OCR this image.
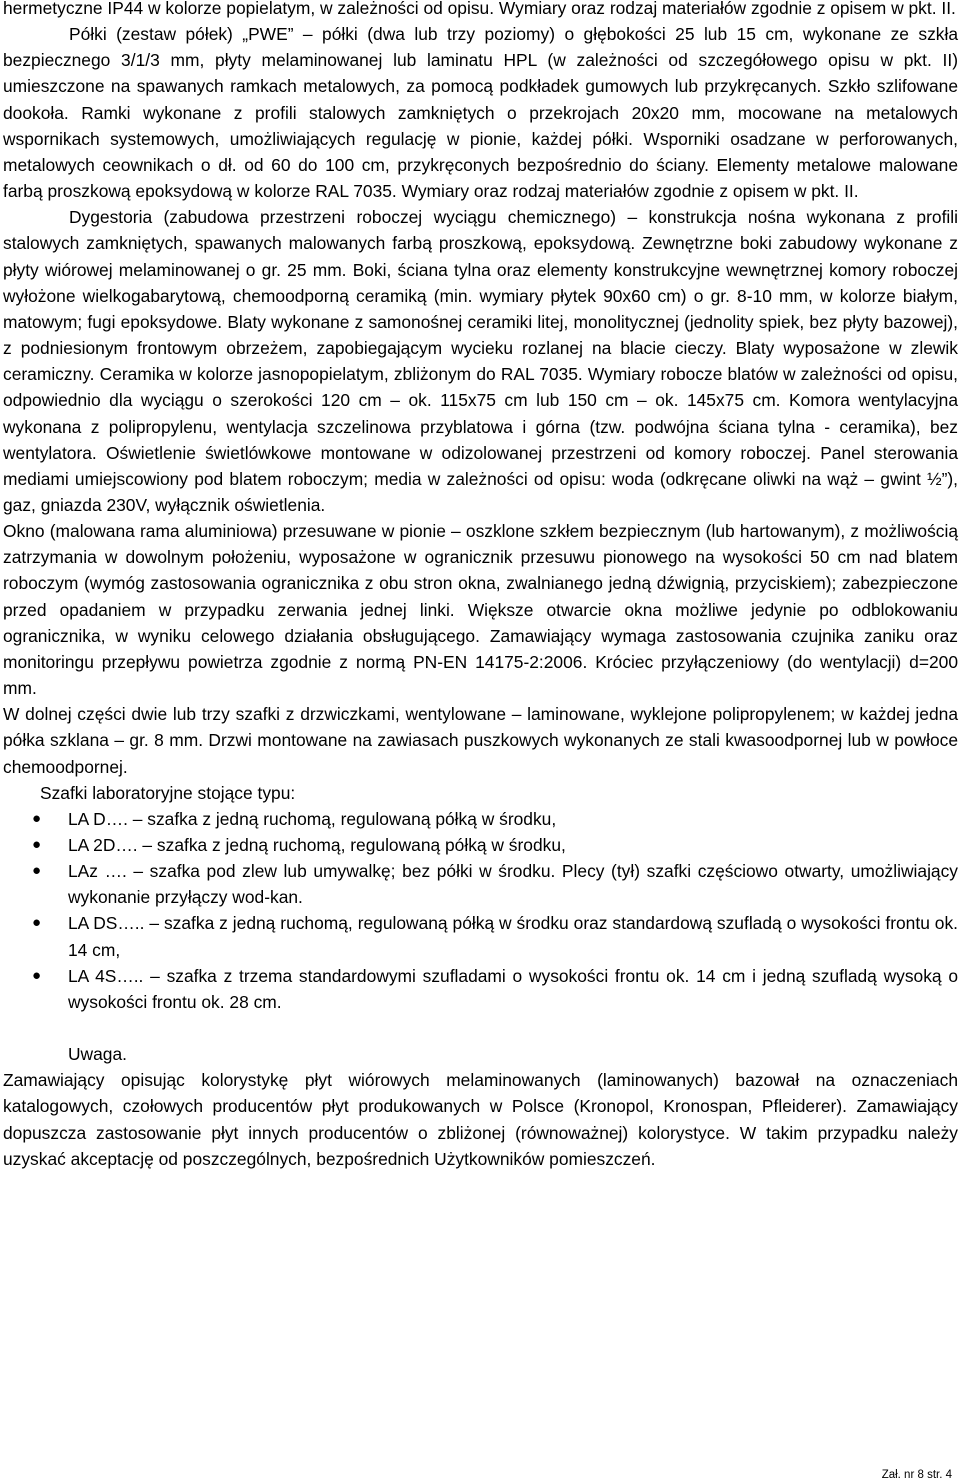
hermetyczne IP44 w kolorze popielatym, w zależności od opisu. Wymiary oraz rodzaj materiałów zgodnie z opisem w pkt. II.

Półki (zestaw półek) „PWE” – półki (dwa lub trzy poziomy) o głębokości 25 lub 15 cm, wykonane ze szkła bezpiecznego 3/1/3 mm, płyty melaminowanej lub laminatu HPL (w zależności od szczegółowego opisu w pkt. II) umieszczone na spawanych ramkach metalowych, za pomocą podkładek gumowych lub przykręcanych. Szkło szlifowane dookoła. Ramki wykonane z profili stalowych zamkniętych o przekrojach 20x20 mm, mocowane na metalowych wspornikach systemowych, umożliwiających regulację w pionie, każdej półki. Wsporniki osadzane w perforowanych, metalowych ceownikach o dł. od 60 do 100 cm, przykręconych bezpośrednio do ściany. Elementy metalowe malowane farbą proszkową epoksydową w kolorze RAL 7035. Wymiary oraz rodzaj materiałów zgodnie z opisem w pkt. II.

Dygestoria (zabudowa przestrzeni roboczej wyciągu chemicznego) – konstrukcja nośna wykonana z profili stalowych zamkniętych, spawanych malowanych farbą proszkową, epoksydową. Zewnętrzne boki zabudowy wykonane z płyty wiórowej melaminowanej o gr. 25 mm. Boki, ściana tylna oraz elementy konstrukcyjne wewnętrznej komory roboczej wyłożone wielkogabarytową, chemoodporną ceramiką (min. wymiary płytek 90x60 cm) o gr. 8-10 mm, w kolorze białym, matowym; fugi epoksydowe. Blaty wykonane z samonośnej ceramiki litej, monolitycznej (jednolity spiek, bez płyty bazowej), z podniesionym frontowym obrzeżem, zapobiegającym wycieku rozlanej na blacie cieczy. Blaty wyposażone w zlewik ceramiczny. Ceramika w kolorze jasnopopielatym, zbliżonym do RAL 7035. Wymiary robocze blatów w zależności od opisu, odpowiednio dla wyciągu o szerokości 120 cm – ok. 115x75 cm lub 150 cm – ok. 145x75 cm. Komora wentylacyjna wykonana z polipropylenu, wentylacja szczelinowa przyblatowa i górna (tzw. podwójna ściana tylna - ceramika), bez wentylatora. Oświetlenie świetlówkowe montowane w odizolowanej przestrzeni od komory roboczej. Panel sterowania mediami umiejscowiony pod blatem roboczym; media w zależności od opisu: woda (odkręcane oliwki na wąż – gwint ½”), gaz, gniazda 230V, wyłącznik oświetlenia.

Okno (malowana rama aluminiowa) przesuwane w pionie – oszklone szkłem bezpiecznym (lub hartowanym), z możliwością zatrzymania w dowolnym położeniu, wyposażone w ogranicznik przesuwu pionowego na wysokości 50 cm nad blatem roboczym (wymóg zastosowania ogranicznika z obu stron okna, zwalnianego jedną dźwignią, przyciskiem); zabezpieczone przed opadaniem w przypadku zerwania jednej linki. Większe otwarcie okna możliwe jedynie po odblokowaniu ogranicznika, w wyniku celowego działania obsługującego. Zamawiający wymaga zastosowania czujnika zaniku oraz monitoringu przepływu powietrza zgodnie z normą PN-EN 14175-2:2006. Króciec przyłączeniowy (do wentylacji) d=200 mm.

W dolnej części dwie lub trzy szafki z drzwiczkami, wentylowane – laminowane, wyklejone polipropylenem; w każdej jedna półka szklana – gr. 8 mm. Drzwi montowane na zawiasach puszkowych wykonanych ze stali kwasoodpornej lub w powłoce chemoodpornej.

Szafki laboratoryjne stojące typu:

● LA D…. – szafka z jedną ruchomą, regulowaną półką w środku,
● LA 2D…. – szafka z jedną ruchomą, regulowaną półką w środku,
● LAz …. – szafka pod zlew lub umywalkę; bez półki w środku. Plecy (tył) szafki częściowo otwarty, umożliwiający wykonanie przyłączy wod-kan.
● LA DS….. – szafka z jedną ruchomą, regulowaną półką w środku oraz standardową szufladą o wysokości frontu ok. 14 cm,
● LA 4S….. – szafka z trzema standardowymi szufladami o wysokości frontu ok. 14 cm i jedną szufladą wysoką o wysokości frontu ok. 28 cm.

Uwaga.

Zamawiający opisując kolorystykę płyt wiórowych melaminowanych (laminowanych) bazował na oznaczeniach katalogowych, czołowych producentów płyt produkowanych w Polsce (Kronopol, Kronospan, Pfleiderer). Zamawiający dopuszcza zastosowanie płyt innych producentów o zbliżonej (równoważnej) kolorystyce. W takim przypadku należy uzyskać akceptację od poszczególnych, bezpośrednich Użytkowników pomieszczeń.

Zał. nr 8 str. 4
